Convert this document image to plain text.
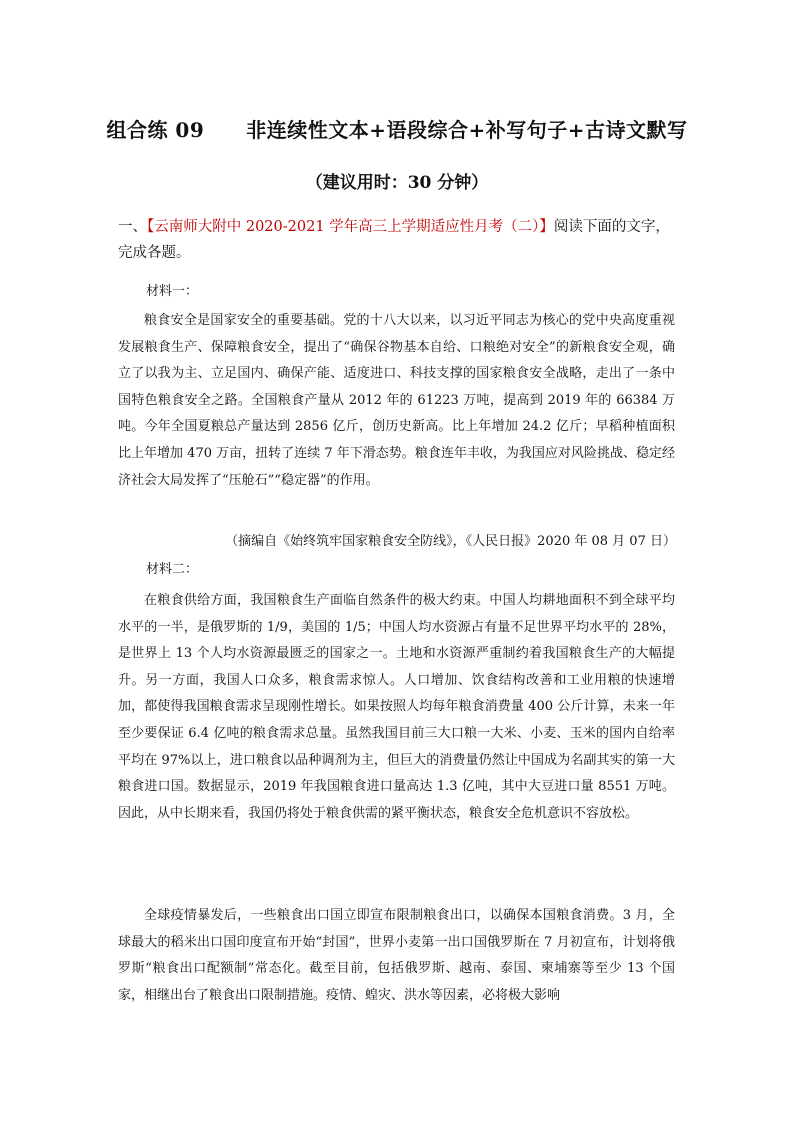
组合练 09 非连续性文本+语段综合+补写句子+古诗文默写
（建议用时：30 分钟）
一、【云南师大附中 2020-2021 学年高三上学期适应性月考（二）】阅读下面的文字，完成各题。
材料一：

粮食安全是国家安全的重要基础。党的十八大以来，以习近平同志为核心的党中央高度重视发展粮食生产、保障粮食安全，提出了“确保谷物基本自给、口粮绝对安全”的新粮食安全观，确立了以我为主、立足国内、确保产能、适度进口、科技支撑的国家粮食安全战略，走出了一条中国特色粮食安全之路。全国粮食产量从 2012 年的 61223 万吨，提高到 2019 年的 66384 万吨。今年全国夏粮总产量达到 2856 亿斤，创历史新高。比上年增加 24.2 亿斤；早稻种植面积比上年增加 470 万亩，扭转了连续 7 年下滑态势。粮食连年丰收，为我国应对风险挑战、稳定经济社会大局发挥了“压舱石”“稳定器”的作用。

（摘编自《始终筑牢国家粮食安全防线》，《人民日报》2020 年 08 月 07 日）
材料二：

在粮食供给方面，我国粮食生产面临自然条件的极大约束。中国人均耕地面积不到全球平均水平的一半，是俄罗斯的 1/9，美国的 1/5；中国人均水资源占有量不足世界平均水平的 28%，是世界上 13 个人均水资源最匮乏的国家之一。土地和水资源严重制约着我国粮食生产的大幅提升。另一方面，我国人口众多，粮食需求惊人。人口增加、饮食结构改善和工业用粮的快速增加，都使得我国粮食需求呈现刚性增长。如果按照人均每年粮食消费量 400 公斤计算，未来一年至少要保证 6.4 亿吨的粮食需求总量。虽然我国目前三大口粮一大米、小麦、玉米的国内自给率平均在 97%以上，进口粮食以品种调剂为主，但巨大的消费量仍然让中国成为名副其实的第一大粮食进口国。数据显示，2019 年我国粮食进口量高达 1.3 亿吨，其中大豆进口量 8551 万吨。因此，从中长期来看，我国仍将处于粮食供需的紧平衡状态，粮食安全危机意识不容放松。

全球疫情暴发后，一些粮食出口国立即宣布限制粮食出口，以确保本国粮食消费。3 月，全球最大的稻米出口国印度宣布开始“封国”，世界小麦第一出口国俄罗斯在 7 月初宣布，计划将俄罗斯“粮食出口配额制”常态化。截至目前，包括俄罗斯、越南、泰国、柬埔寨等至少 13 个国家，相继出台了粮食出口限制措施。疫情、蝗灾、洪水等因素，必将极大影响
